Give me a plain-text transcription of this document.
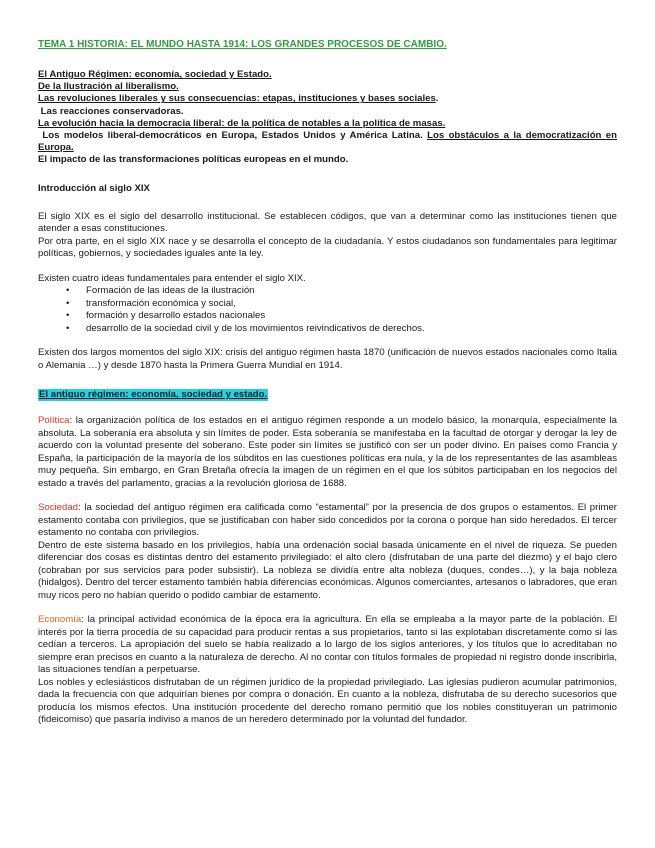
TEMA 1 HISTORIA: EL MUNDO HASTA 1914: LOS GRANDES PROCESOS DE CAMBIO.
El Antiguo Régimen: economía, sociedad y Estado.
De la Ilustración al liberalismo.
Las revoluciones liberales y sus consecuencias: etapas, instituciones y bases sociales.
Las reacciones conservadoras.
La evolución hacia la democracia liberal: de la política de notables a la política de masas.
Los modelos liberal-democráticos en Europa, Estados Unidos y América Latina. Los obstáculos a la democratización en Europa.
El impacto de las transformaciones políticas europeas en el mundo.
Introducción al siglo XIX

El siglo XIX es el siglo del desarrollo institucional. Se establecen códigos, que van a determinar como las instituciones tienen que atender a esas constituciones.

Por otra parte, en el siglo XIX nace y se desarrolla el concepto de la ciudadanía. Y estos ciudadanos son fundamentales para legitimar políticas, gobiernos, y sociedades iguales ante la ley.

Existen cuatro ideas fundamentales para entender el siglo XIX.

• Formación de las ideas de la ilustración
• transformación económica y social,
• formación y desarrollo estados nacionales
• desarrollo de la sociedad civil y de los movimientos reivindicativos de derechos.

Existen dos largos momentos del siglo XIX: crisis del antiguo régimen hasta 1870 (unificación de nuevos estados nacionales como Italia o Alemania …) y desde 1870 hasta la Primera Guerra Mundial en 1914.

El antiguo régimen: economía, sociedad y estado.

Política: la organización política de los estados en el antiguo régimen responde a un modelo básico, la monarquía, especialmente la absoluta. La soberanía era absoluta y sin límites de poder. Esta soberanía se manifestaba en la facultad de otorgar y derogar la ley de acuerdo con la voluntad presente del soberano. Este poder sin límites se justificó con ser un poder divino. En países como Francia y España, la participación de la mayoría de los súbditos en las cuestiones políticas era nula, y la de los representantes de las asambleas muy pequeña. Sin embargo, en Gran Bretaña ofrecía la imagen de un régimen en el que los súbitos participaban en los negocios del estado a través del parlamento, gracias a la revolución gloriosa de 1688.

Sociedad: la sociedad del antiguo régimen era calificada como “estamental” por la presencia de dos grupos o estamentos. El primer estamento contaba con privilegios, que se justificaban con haber sido concedidos por la corona o porque han sido heredados. El tercer estamento no contaba con privilegios.

Dentro de este sistema basado en los privilegios, había una ordenación social basada únicamente en el nivel de riqueza. Se pueden diferenciar dos cosas es distintas dentro del estamento privilegiado: el alto clero (disfrutaban de una parte del diezmo) y el bajo clero (cobraban por sus servicios para poder subsistir). La nobleza se dividía entre alta nobleza (duques, condes…), y la baja nobleza (hidalgos). Dentro del tercer estamento también había diferencias económicas. Algunos comerciantes, artesanos o labradores, que eran muy ricos pero no habían querido o podido cambiar de estamento.

Economía: la principal actividad económica de la época era la agricultura. En ella se empleaba a la mayor parte de la población. El interés por la tierra procedía de su capacidad para producir rentas a sus propietarios, tanto si las explotaban discretamente como si las cedían a terceros. La apropiación del suelo se había realizado a lo largo de los siglos anteriores, y los títulos que lo acreditaban no siempre eran precisos en cuanto a la naturaleza de derecho. Al no contar con títulos formales de propiedad ni registro donde inscribirla, las situaciones tendían a perpetuarse.

Los nobles y eclesiásticos disfrutaban de un régimen jurídico de la propiedad privilegiado. Las iglesias pudieron acumular patrimonios, dada la frecuencia con que adquirían bienes por compra o donación. En cuanto a la nobleza, disfrutaba de su derecho sucesorios que producía los mismos efectos. Una institución procedente del derecho romano permitió que los nobles constituyeran un patrimonio (fideicomiso) que pasaría indiviso a manos de un heredero determinado por la voluntad del fundador.
